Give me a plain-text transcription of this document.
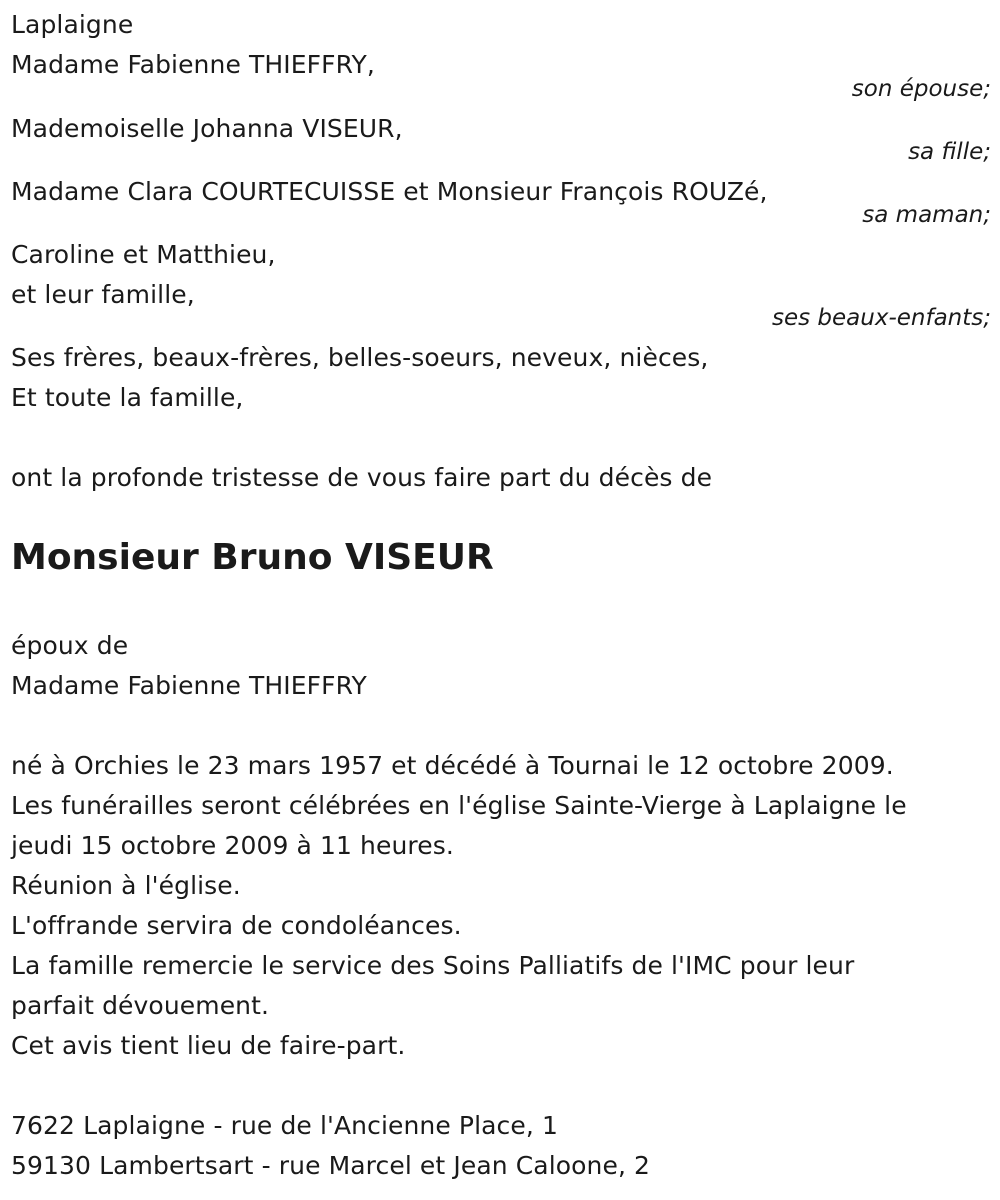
Laplaigne
Madame Fabienne THIEFFRY,
son épouse;
Mademoiselle Johanna VISEUR,
sa fille;
Madame Clara COURTECUISSE et Monsieur François ROUZé,
sa maman;
Caroline et Matthieu,
et leur famille,
ses beaux-enfants;
Ses frères, beaux-frères, belles-soeurs, neveux, nièces,
Et toute la famille,
ont la profonde tristesse de vous faire part du décès de
Monsieur Bruno VISEUR
époux de
Madame Fabienne THIEFFRY
né à Orchies le 23 mars 1957 et décédé à Tournai le 12 octobre 2009.
Les funérailles seront célébrées en l'église Sainte-Vierge à Laplaigne le
jeudi 15 octobre 2009 à 11 heures.
Réunion à l'église.
L'offrande servira de condoléances.
La famille remercie le service des Soins Palliatifs de l'IMC pour leur
parfait dévouement.
Cet avis tient lieu de faire-part.
7622 Laplaigne - rue de l'Ancienne Place, 1
59130 Lambertsart - rue Marcel et Jean Caloone, 2
